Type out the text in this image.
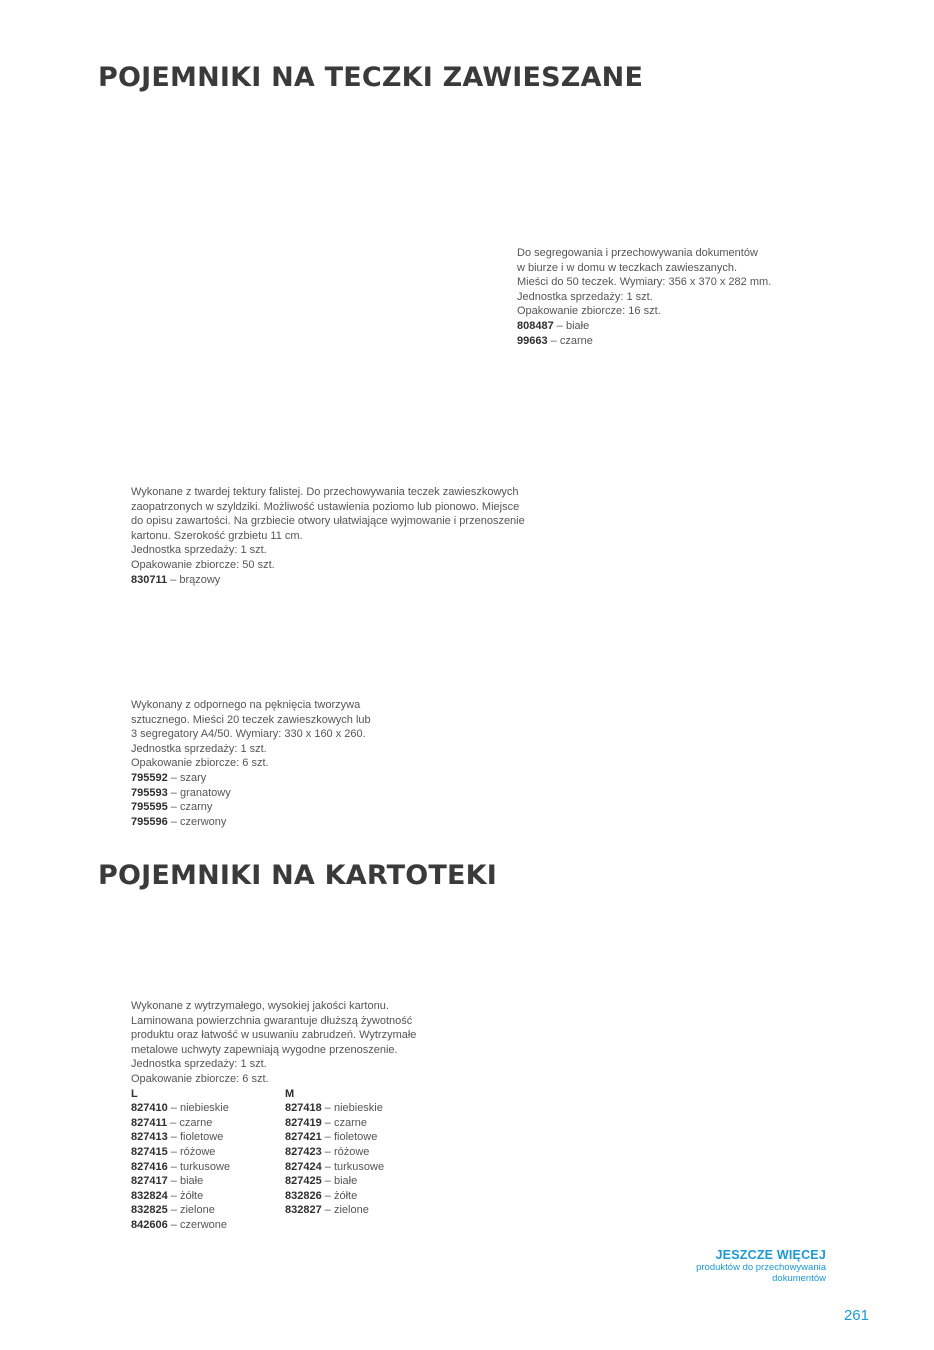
POJEMNIKI NA TECZKI ZAWIESZANE

Do segregowania i przechowywania dokumentów

w biurze i w domu w teczkach zawieszanych.

Mieści do 50 teczek. Wymiary: 356 x 370 x 282 mm.

Jednostka sprzedaży: 1 szt.

Opakowanie zbiorcze: 16 szt.

808487 – białe
99663 – czarne

Wykonane z twardej tektury falistej. Do przechowywania teczek zawieszkowych

zaopatrzonych w szyldziki. Możliwość ustawienia poziomo lub pionowo. Miejsce

do opisu zawartości. Na grzbiecie otwory ułatwiające wyjmowanie i przenoszenie

kartonu. Szerokość grzbietu 11 cm.

Jednostka sprzedaży: 1 szt.

Opakowanie zbiorcze: 50 szt.

830711 – brązowy

Wykonany z odpornego na pęknięcia tworzywa

sztucznego. Mieści 20 teczek zawieszkowych lub

3 segregatory A4/50. Wymiary: 330 x 160 x 260.

Jednostka sprzedaży: 1 szt.

Opakowanie zbiorcze: 6 szt.

795592 – szary
795593 – granatowy
795595 – czarny
795596 – czerwony
POJEMNIKI NA KARTOTEKI

Wykonane z wytrzymałego, wysokiej jakości kartonu.

Laminowana powierzchnia gwarantuje dłuższą żywotność

produktu oraz łatwość w usuwaniu zabrudzeń. Wytrzymałe

metalowe uchwyty zapewniają wygodne przenoszenie.

Jednostka sprzedaży: 1 szt.

Opakowanie zbiorcze: 6 szt.

L
827410 – niebieskie
827411 – czarne
827413 – fioletowe
827415 – różowe
827416 – turkusowe
827417 – białe
832824 – żółte
832825 – zielone
842606 – czerwone
M
827418 – niebieskie
827419 – czarne
827421 – fioletowe
827423 – różowe
827424 – turkusowe
827425 – białe
832826 – żółte
832827 – zielone
JESZCZE WIĘCEJ
produktów do przechowywania
dokumentów
261
